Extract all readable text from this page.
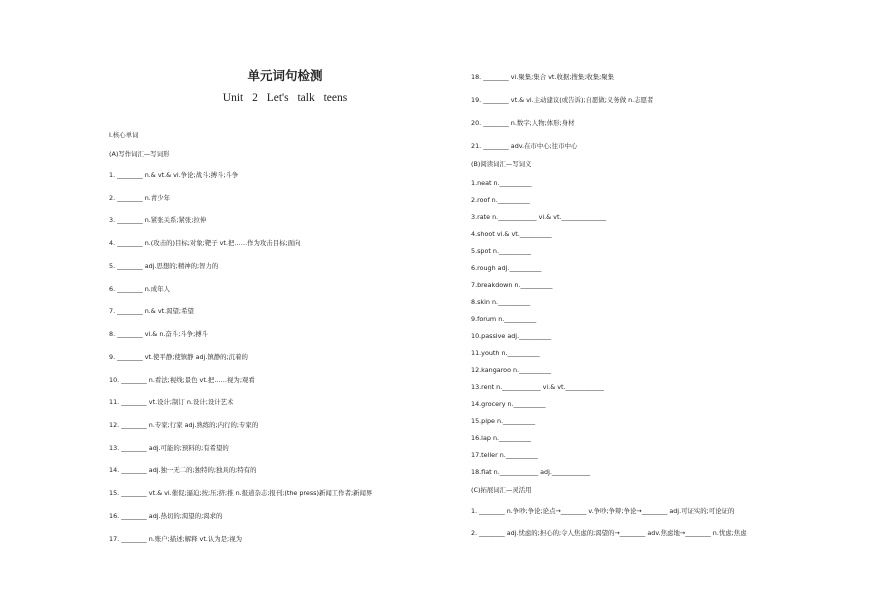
单元词句检测
Unit 2 Let's talk teens
Ⅰ.核心单词
(A)写作词汇—写词形
1. ________ n.& vt.& vi.争论;战斗;搏斗;斗争
2. ________ n.青少年
3. ________ n.紧张关系;紧张;拉伸
4. ________ n.(攻击的)目标;对象;靶子 vt.把……作为攻击目标;面向
5. ________ adj.思想的;精神的;智力的
6. ________ n.成年人
7. ________ n.& vt.渴望;希望
8. ________ vi.& n.奋斗;斗争;搏斗
9. ________ vt.使平静;使镇静 adj.镇静的;沉着的
10. ________ n.看法;视线;景色 vt.把……视为;观看
11. ________ vt.设计;制订 n.设计;设计艺术
12. ________ n.专家;行家 adj.熟练的;内行的;专家的
13. ________ adj.可能的;预料的;有希望的
14. ________ adj.独一无二的;独特的;独具的;特有的
15. ________ vt.& vi.催促;逼迫;按;压;挤;推 n.报道杂志;报刊;(the press)新闻工作者;新闻界
16. ________ adj.热切的;渴望的;渴求的
17. ________ n.账户;描述;解释 vt.认为是;视为
18. ________ vi.聚集;集合 vt.收据;搜集;收集;聚集
19. ________ vt.& vi.主动建议(或告诉);自愿做;义务做 n.志愿者
20. ________ n.数字;人物;体形;身材
21. ________ adv.在市中心;往市中心
(B)阅读词汇—写词义
1.neat n.__________
2.roof n.__________
3.rate n.____________ vi.& vt.______________
4.shoot vi.& vt.__________
5.spot n.__________
6.rough adj.__________
7.breakdown n.__________
8.skin n.__________
9.forum n.__________
10.passive adj.__________
11.youth n.__________
12.kangaroo n.__________
13.rent n.____________ vi.& vt.____________
14.grocery n.__________
15.pipe n.__________
16.lap n.__________
17.teller n.__________
18.flat n.____________ adj.____________
(C)拓展词汇—灵活用
1. ________ n.争吵;争论;论点→________ v.争吵;争辩;争论→________ adj.可证实的;可论证的
2. ________ adj.忧虑的;担心的;令人焦虑的;渴望的→________ adv.焦虑地→________ n.忧虑;焦虑
